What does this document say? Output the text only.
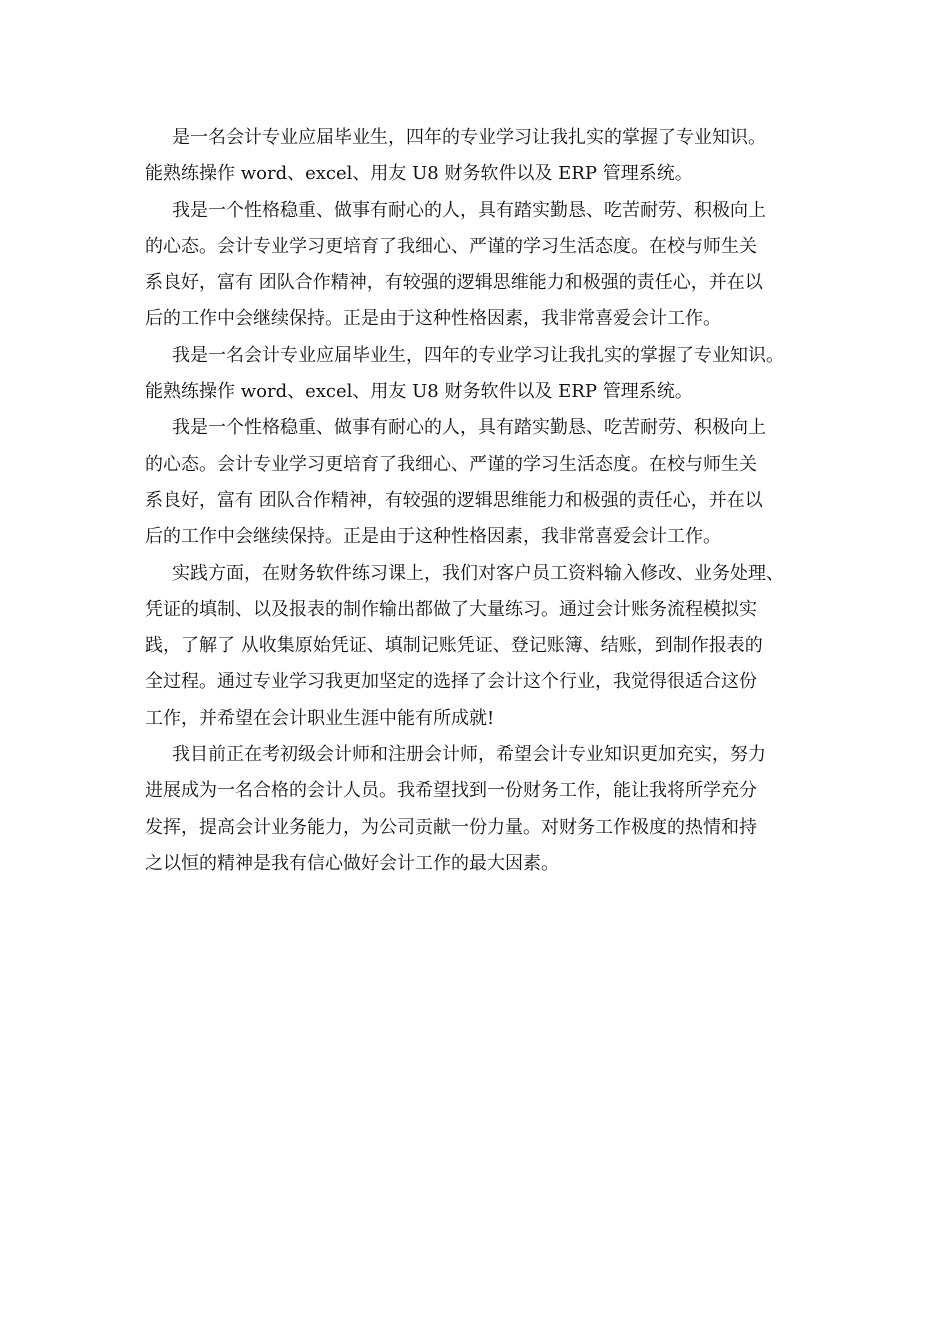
是一名会计专业应届毕业生，四年的专业学习让我扎实的掌握了专业知识。
能熟练操作 word、excel、用友 U8 财务软件以及 ERP 管理系统。
我是一个性格稳重、做事有耐心的人，具有踏实勤恳、吃苦耐劳、积极向上
的心态。会计专业学习更培育了我细心、严谨的学习生活态度。在校与师生关
系良好，富有 团队合作精神，有较强的逻辑思维能力和极强的责任心，并在以
后的工作中会继续保持。正是由于这种性格因素，我非常喜爱会计工作。
我是一名会计专业应届毕业生，四年的专业学习让我扎实的掌握了专业知识。
能熟练操作 word、excel、用友 U8 财务软件以及 ERP 管理系统。
我是一个性格稳重、做事有耐心的人，具有踏实勤恳、吃苦耐劳、积极向上
的心态。会计专业学习更培育了我细心、严谨的学习生活态度。在校与师生关
系良好，富有 团队合作精神，有较强的逻辑思维能力和极强的责任心，并在以
后的工作中会继续保持。正是由于这种性格因素，我非常喜爱会计工作。
实践方面，在财务软件练习课上，我们对客户员工资料输入修改、业务处理、
凭证的填制、以及报表的制作输出都做了大量练习。通过会计账务流程模拟实
践，了解了 从收集原始凭证、填制记账凭证、登记账簿、结账，到制作报表的
全过程。通过专业学习我更加坚定的选择了会计这个行业，我觉得很适合这份
工作，并希望在会计职业生涯中能有所成就!
我目前正在考初级会计师和注册会计师，希望会计专业知识更加充实，努力
进展成为一名合格的会计人员。我希望找到一份财务工作，能让我将所学充分
发挥，提高会计业务能力，为公司贡献一份力量。对财务工作极度的热情和持
之以恒的精神是我有信心做好会计工作的最大因素。
